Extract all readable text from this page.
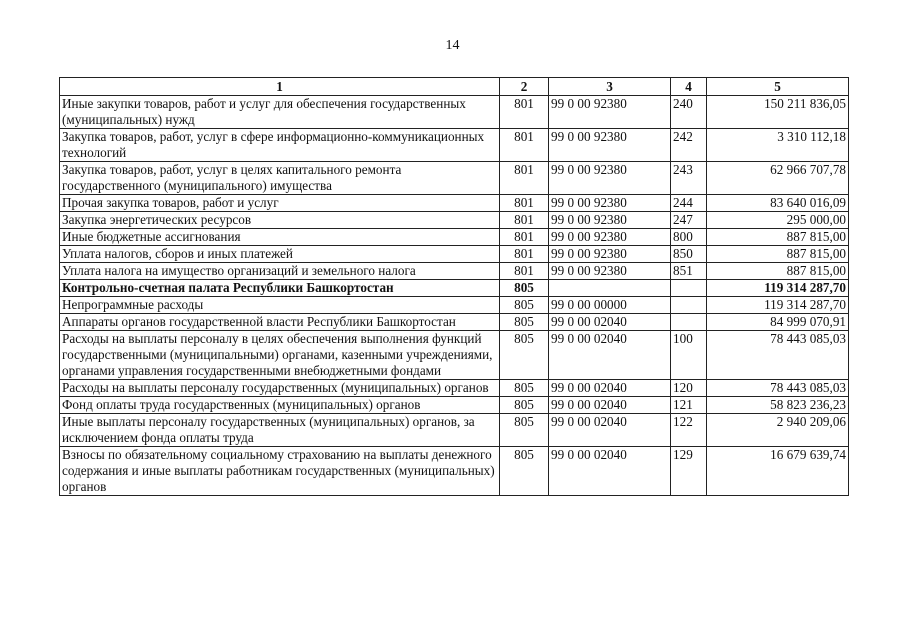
14
1	2	3	4	5
Иные закупки товаров, работ и услуг для обеспечения государственных (муниципальных) нужд	801	99 0 00 92380	240	150 211 836,05
Закупка товаров, работ, услуг в сфере информационно-коммуникационных технологий	801	99 0 00 92380	242	3 310 112,18
Закупка товаров, работ, услуг в целях капитального ремонта государственного (муниципального) имущества	801	99 0 00 92380	243	62 966 707,78
Прочая закупка товаров, работ и услуг	801	99 0 00 92380	244	83 640 016,09
Закупка энергетических ресурсов	801	99 0 00 92380	247	295 000,00
Иные бюджетные ассигнования	801	99 0 00 92380	800	887 815,00
Уплата налогов, сборов и иных платежей	801	99 0 00 92380	850	887 815,00
Уплата налога на имущество организаций и земельного налога	801	99 0 00 92380	851	887 815,00
Контрольно-счетная палата Республики Башкортостан	805			119 314 287,70
Непрограммные расходы	805	99 0 00 00000		119 314 287,70
Аппараты органов государственной власти Республики Башкортостан	805	99 0 00 02040		84 999 070,91
Расходы на выплаты персоналу в целях обеспечения выполнения функций государственными (муниципальными) органами, казенными учреждениями, органами управления государственными внебюджетными фондами	805	99 0 00 02040	100	78 443 085,03
Расходы на выплаты персоналу государственных (муниципальных) органов	805	99 0 00 02040	120	78 443 085,03
Фонд оплаты труда государственных (муниципальных) органов	805	99 0 00 02040	121	58 823 236,23
Иные выплаты персоналу государственных (муниципальных) органов, за исключением фонда оплаты труда	805	99 0 00 02040	122	2 940 209,06
Взносы по обязательному социальному страхованию на выплаты денежного содержания и иные выплаты работникам государственных (муниципальных) органов	805	99 0 00 02040	129	16 679 639,74
